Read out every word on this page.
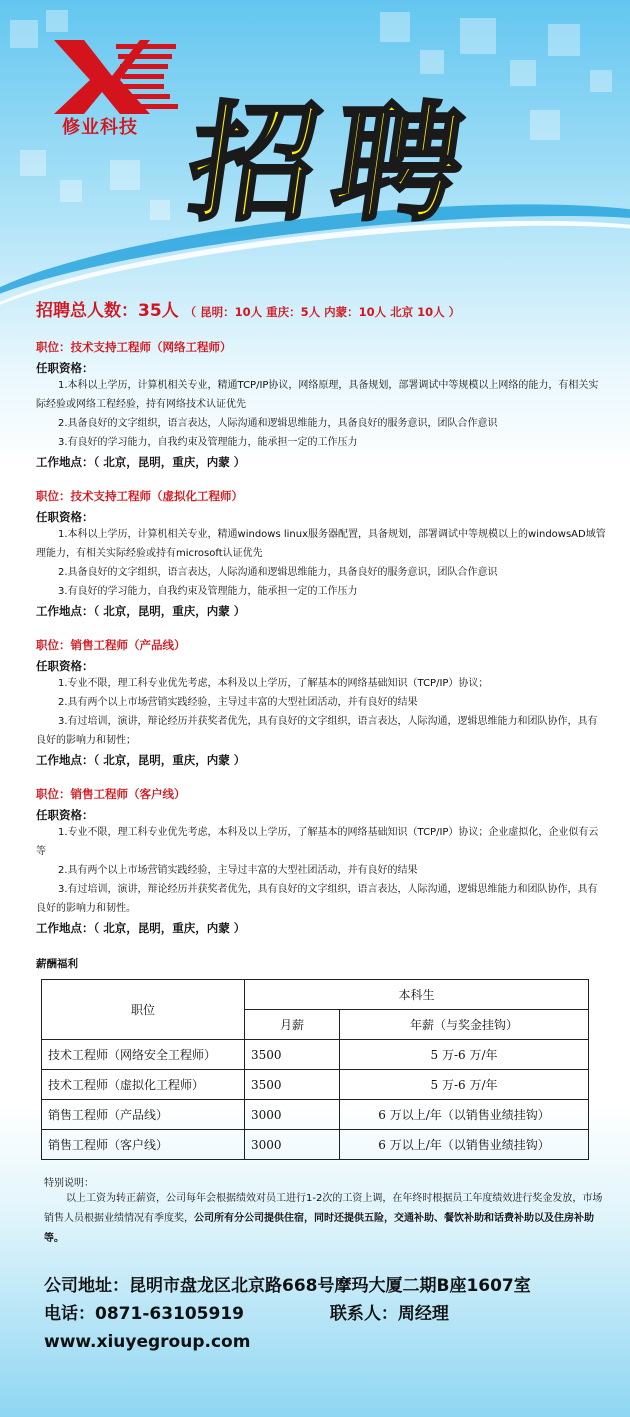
修业科技 招聘
招聘总人数：35人 （ 昆明：10人 重庆：5人 内蒙：10人 北京 10人 ）
职位：技术支持工程师（网络工程师）
任职资格：
1.本科以上学历，计算机相关专业，精通TCP/IP协议，网络原理，具备规划，部署调试中等规模以上网络的能力，有相关实际经验或网络工程经验，持有网络技术认证优先
2.具备良好的文字组织，语言表达，人际沟通和逻辑思维能力，具备良好的服务意识，团队合作意识
3.有良好的学习能力，自我约束及管理能力，能承担一定的工作压力
工作地点：（ 北京，昆明，重庆，内蒙 ）
职位：技术支持工程师（虚拟化工程师）
任职资格：
1.本科以上学历，计算机相关专业，精通windows linux服务器配置，具备规划，部署调试中等规模以上的windowsAD域管理能力，有相关实际经验或持有microsoft认证优先
2.具备良好的文字组织，语言表达，人际沟通和逻辑思维能力，具备良好的服务意识，团队合作意识
3.有良好的学习能力，自我约束及管理能力，能承担一定的工作压力
工作地点：（ 北京，昆明，重庆，内蒙 ）
职位：销售工程师（产品线）
任职资格：
1.专业不限，理工科专业优先考虑，本科及以上学历，了解基本的网络基础知识（TCP/IP）协议；
2.具有两个以上市场营销实践经验，主导过丰富的大型社团活动，并有良好的结果
3.有过培训，演讲，辩论经历并获奖者优先，具有良好的文字组织，语言表达，人际沟通，逻辑思维能力和团队协作，具有良好的影响力和韧性；
工作地点：（ 北京，昆明，重庆，内蒙 ）
职位：销售工程师（客户线）
任职资格：
1.专业不限，理工科专业优先考虑，本科及以上学历，了解基本的网络基础知识（TCP/IP）协议；企业虚拟化，企业似有云等
2.具有两个以上市场营销实践经验，主导过丰富的大型社团活动，并有良好的结果
3.有过培训，演讲，辩论经历并获奖者优先，具有良好的文字组织，语言表达，人际沟通，逻辑思维能力和团队协作，具有良好的影响力和韧性。
工作地点：（ 北京，昆明，重庆，内蒙 ）
薪酬福利
职位	本科生	
	月薪	年薪（与奖金挂钩）
技术工程师（网络安全工程师）	3500	5 万-6 万/年
技术工程师（虚拟化工程师）	3500	5 万-6 万/年
销售工程师（产品线）	3000	6 万以上/年（以销售业绩挂钩）
销售工程师（客户线）	3000	6 万以上/年（以销售业绩挂钩）
特别说明：
以上工资为转正薪资，公司每年会根据绩效对员工进行1-2次的工资上调，在年终时根据员工年度绩效进行奖金发放，市场销售人员根据业绩情况有季度奖，公司所有分公司提供住宿，同时还提供五险，交通补助、餐饮补助和话费补助以及住房补助等。
公司地址：昆明市盘龙区北京路668号摩玛大厦二期B座1607室
电话：0871-63105919	联系人：周经理
www.xiuyegroup.com
